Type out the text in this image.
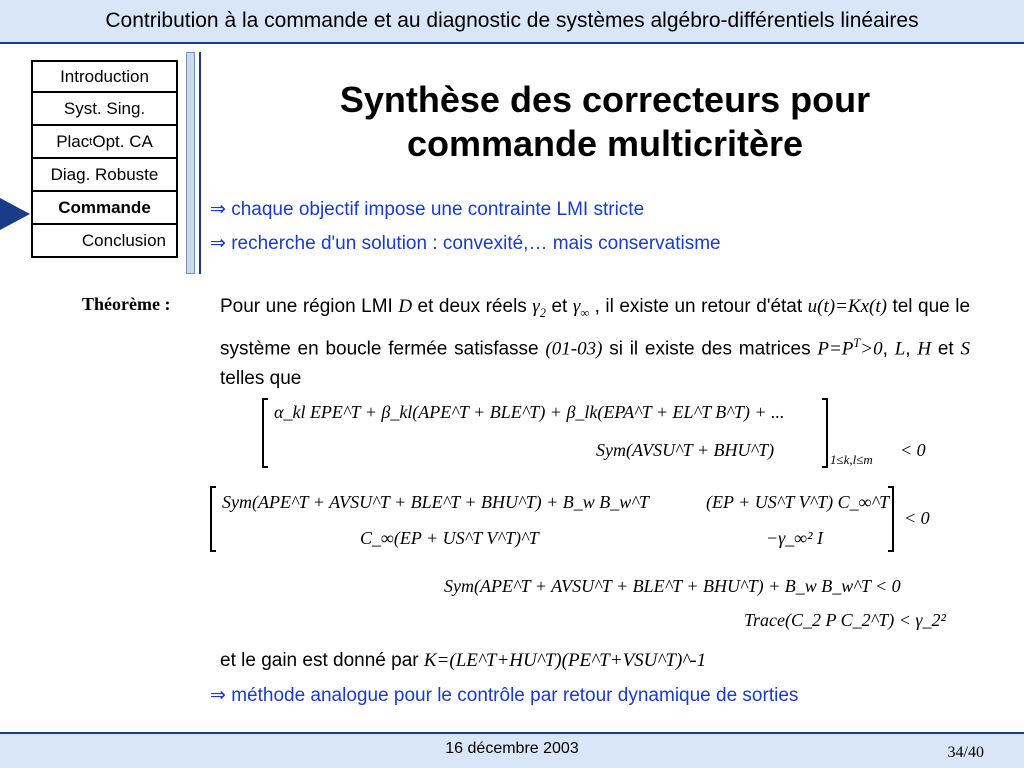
Contribution à la commande et au diagnostic de systèmes algébro-différentiels linéaires
Introduction
Syst. Sing.
Plac t Opt. CA
Diag. Robuste
Commande
Conclusion
Synthèse des correcteurs pour
commande multicritère
⇒ chaque objectif impose une contrainte LMI stricte
⇒ recherche d'un solution : convexité,… mais conservatisme
Théorème :	Pour une région LMI D et deux réels $\gamma_2$ et $\gamma_\infty$ , il existe un retour d'état u(t)=Kx(t) tel que le système en boucle fermée satisfasse (01-03) si il existe des matrices $P=P^T>0$, L, H et S telles que
α_kl EPE^T + β_kl(APE^T + BLE^T) + β_lk(EPA^T + EL^T B^T) + ...
Sym(AVSU^T + BHU^T)	1≤k,l≤m < 0
Sym(APE^T + AVSU^T + BLE^T + BHU^T) + B_w B_w^T	(EP + US^T V^T) C_∞^T
C_∞(EP + US^T V^T)^T	−γ_∞² I
< 0
Sym(APE^T + AVSU^T + BLE^T + BHU^T) + B_w B_w^T < 0
Trace(C_2 P C_2^T) < γ_2²
et le gain est donné par K=(LE^T+HU^T)(PE^T+VSU^T)^-1
⇒ méthode analogue pour le contrôle par retour dynamique de sorties
16 décembre 2003	34/40
